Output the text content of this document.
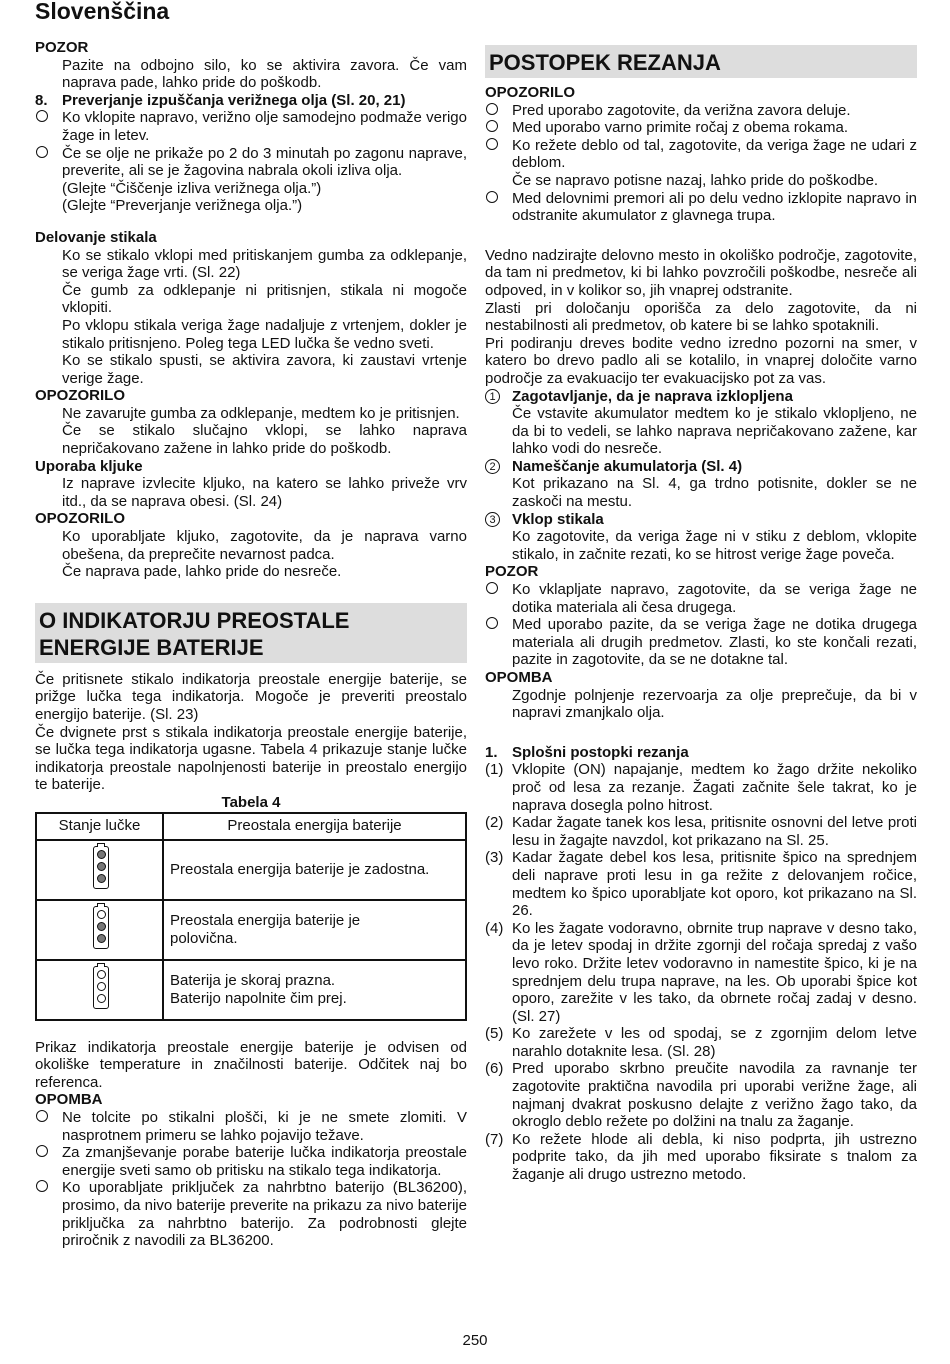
Slovenščina

POZOR

Pazite na odbojno silo, ko se aktivira zavora. Če vam naprava pade, lahko pride do poškodb.

8. Preverjanje izpuščanja verižnega olja (Sl. 20, 21)

Ko vklopite napravo, verižno olje samodejno podmaže verigo žage in letev.

Če se olje ne prikaže po 2 do 3 minutah po zagonu naprave, preverite, ali se je žagovina nabrala okoli izliva olja.

(Glejte “Čiščenje izliva verižnega olja.”)

(Glejte “Preverjanje verižnega olja.”)

Delovanje stikala

Ko se stikalo vklopi med pritiskanjem gumba za odklepanje, se veriga žage vrti. (Sl. 22)

Če gumb za odklepanje ni pritisnjen, stikala ni mogoče vklopiti.

Po vklopu stikala veriga žage nadaljuje z vrtenjem, dokler je stikalo pritisnjeno. Poleg tega LED lučka še vedno sveti.

Ko se stikalo spusti, se aktivira zavora, ki zaustavi vrtenje verige žage.

OPOZORILO

Ne zavarujte gumba za odklepanje, medtem ko je pritisnjen.

Če se stikalo slučajno vklopi, se lahko naprava nepričakovano zažene in lahko pride do poškodb.

Uporaba kljuke

Iz naprave izvlecite kljuko, na katero se lahko priveže vrv itd., da se naprava obesi. (Sl. 24)

OPOZORILO

Ko uporabljate kljuko, zagotovite, da je naprava varno obešena, da preprečite nevarnost padca.

Če naprava pade, lahko pride do nesreče.

O INDIKATORJU PREOSTALE ENERGIJE BATERIJE

Če pritisnete stikalo indikatorja preostale energije baterije, se prižge lučka tega indikatorja. Mogoče je preveriti preostalo energijo baterije. (Sl. 23)

Če dvignete prst s stikala indikatorja preostale energije baterije, se lučka tega indikatorja ugasne. Tabela 4 prikazuje stanje lučke indikatorja preostale napolnjenosti baterije in preostalo energijo te baterije.

Tabela 4

Stanje lučke	Preostala energija baterije

	Preostala energija baterije je zadostna.

	Preostala energija baterije je polovična.

	Baterija je skoraj prazna. Baterijo napolnite čim prej.

Prikaz indikatorja preostale energije baterije je odvisen od okoliške temperature in značilnosti baterije. Odčitek naj bo referenca.

OPOMBA

Ne tolcite po stikalni plošči, ki je ne smete zlomiti. V nasprotnem primeru se lahko pojavijo težave.

Za zmanjševanje porabe baterije lučka indikatorja preostale energije sveti samo ob pritisku na stikalo tega indikatorja.

Ko uporabljate priključek za nahrbtno baterijo (BL36200), prosimo, da nivo baterije preverite na prikazu za nivo baterije priključka za nahrbtno baterijo. Za podrobnosti glejte priročnik z navodili za BL36200.

POSTOPEK REZANJA

OPOZORILO

Pred uporabo zagotovite, da verižna zavora deluje.

Med uporabo varno primite ročaj z obema rokama.

Ko režete deblo od tal, zagotovite, da veriga žage ne udari z deblom.

Če se napravo potisne nazaj, lahko pride do poškodbe.

Med delovnimi premori ali po delu vedno izklopite napravo in odstranite akumulator z glavnega trupa.

Vedno nadzirajte delovno mesto in okoliško področje, zagotovite, da tam ni predmetov, ki bi lahko povzročili poškodbe, nesreče ali odpoved, in v kolikor so, jih vnaprej odstranite.

Zlasti pri določanju oporišča za delo zagotovite, da ni nestabilnosti ali predmetov, ob katere bi se lahko spotaknili.

Pri podiranju dreves bodite vedno izredno pozorni na smer, v katero bo drevo padlo ali se kotalilo, in vnaprej določite varno področje za evakuacijo ter evakuacijsko pot za vas.

1 Zagotavljanje, da je naprava izklopljena

Če vstavite akumulator medtem ko je stikalo vklopljeno, ne da bi to vedeli, se lahko naprava nepričakovano zažene, kar lahko vodi do nesreče.

2 Nameščanje akumulatorja (Sl. 4)

Kot prikazano na Sl. 4, ga trdno potisnite, dokler se ne zaskoči na mestu.

3 Vklop stikala

Ko zagotovite, da veriga žage ni v stiku z deblom, vklopite stikalo, in začnite rezati, ko se hitrost verige žage poveča.

POZOR

Ko vklapljate napravo, zagotovite, da se veriga žage ne dotika materiala ali česa drugega.

Med uporabo pazite, da se veriga žage ne dotika drugega materiala ali drugih predmetov. Zlasti, ko ste končali rezati, pazite in zagotovite, da se ne dotakne tal.

OPOMBA

Zgodnje polnjenje rezervoarja za olje preprečuje, da bi v napravi zmanjkalo olja.

1. Splošni postopki rezanja

(1) Vklopite (ON) napajanje, medtem ko žago držite nekoliko proč od lesa za rezanje. Žagati začnite šele takrat, ko je naprava dosegla polno hitrost.

(2) Kadar žagate tanek kos lesa, pritisnite osnovni del letve proti lesu in žagajte navzdol, kot prikazano na Sl. 25.

(3) Kadar žagate debel kos lesa, pritisnite špico na sprednjem deli naprave proti lesu in ga režite z delovanjem ročice, medtem ko špico uporabljate kot oporo, kot prikazano na Sl. 26.

(4) Ko les žagate vodoravno, obrnite trup naprave v desno tako, da je letev spodaj in držite zgornji del ročaja spredaj z vašo levo roko. Držite letev vodoravno in namestite špico, ki je na sprednjem delu trupa naprave, na les. Ob uporabi špice kot oporo, zarežite v les tako, da obrnete ročaj zadaj v desno. (Sl. 27)

(5) Ko zarežete v les od spodaj, se z zgornjim delom letve narahlo dotaknite lesa. (Sl. 28)

(6) Pred uporabo skrbno preučite navodila za ravnanje ter zagotovite praktična navodila pri uporabi verižne žage, ali najmanj dvakrat poskusno delajte z verižno žago tako, da okroglo deblo režete po dolžini na tnalu za žaganje.

(7) Ko režete hlode ali debla, ki niso podprta, jih ustrezno podprite tako, da jih med uporabo fiksirate s tnalom za žaganje ali drugo ustrezno metodo.

250
